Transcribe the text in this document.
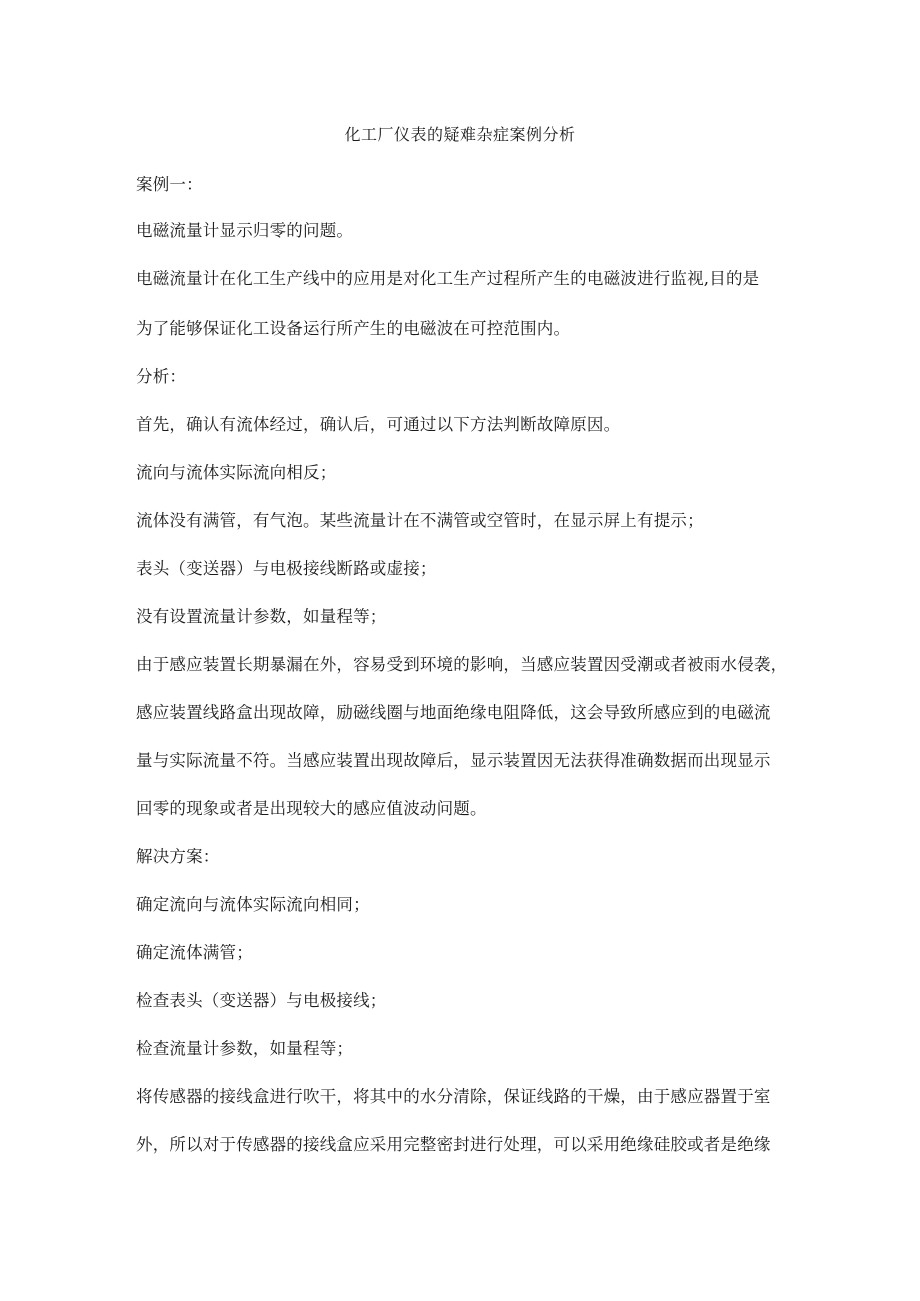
化工厂仪表的疑难杂症案例分析
案例一：
电磁流量计显示归零的问题。
电磁流量计在化工生产线中的应用是对化工生产过程所产生的电磁波进行监视,目的是
为了能够保证化工设备运行所产生的电磁波在可控范围内。
分析：
首先，确认有流体经过，确认后，可通过以下方法判断故障原因。
流向与流体实际流向相反；
流体没有满管，有气泡。某些流量计在不满管或空管时，在显示屏上有提示；
表头（变送器）与电极接线断路或虚接；
没有设置流量计参数，如量程等；
由于感应装置长期暴漏在外，容易受到环境的影响，当感应装置因受潮或者被雨水侵袭，
感应装置线路盒出现故障，励磁线圈与地面绝缘电阻降低，这会导致所感应到的电磁流
量与实际流量不符。当感应装置出现故障后，显示装置因无法获得准确数据而出现显示
回零的现象或者是出现较大的感应值波动问题。
解决方案：
确定流向与流体实际流向相同；
确定流体满管；
检查表头（变送器）与电极接线；
检查流量计参数，如量程等；
将传感器的接线盒进行吹干，将其中的水分清除，保证线路的干燥，由于感应器置于室
外，所以对于传感器的接线盒应采用完整密封进行处理，可以采用绝缘硅胶或者是绝缘
